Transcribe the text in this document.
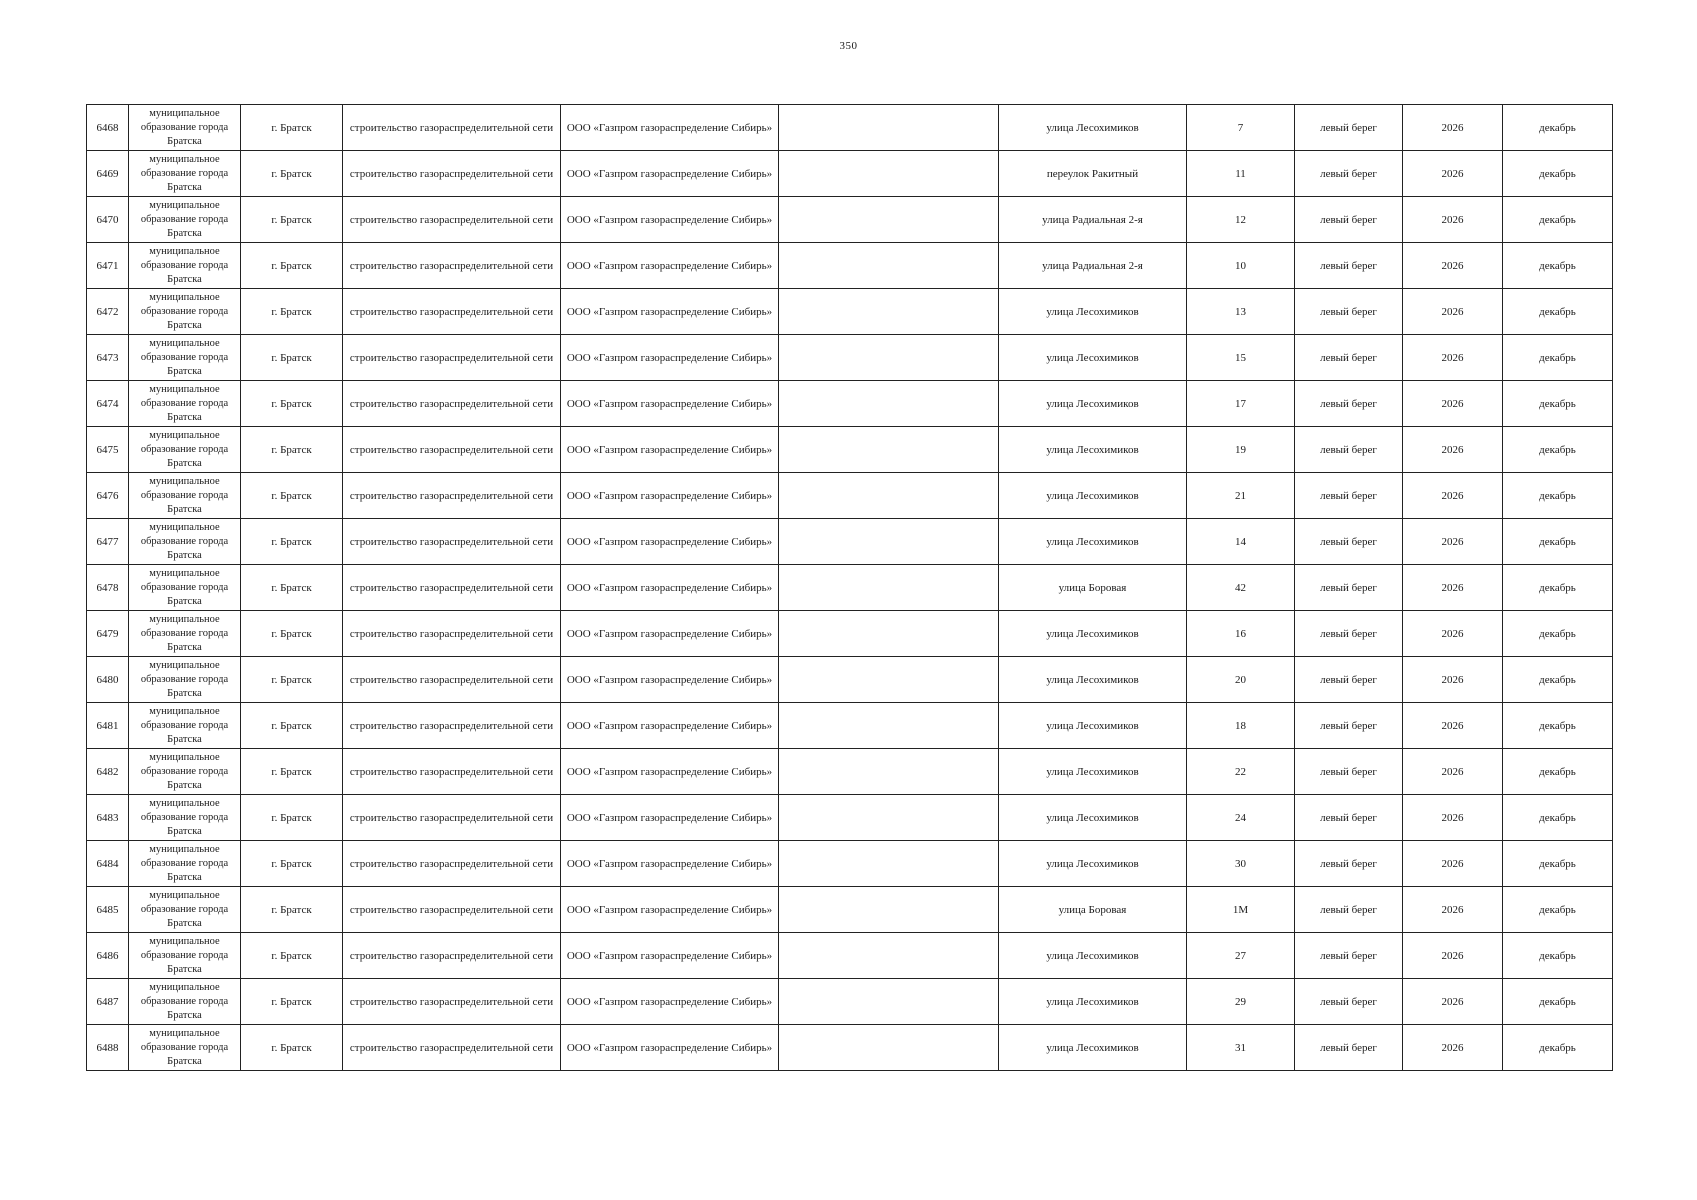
350
6468	муниципальное образование города Братска	г. Братск	строительство газораспределительной сети	ООО «Газпром газораспределение Сибирь»		улица Лесохимиков	7	левый берег	2026	декабрь
6469	муниципальное образование города Братска	г. Братск	строительство газораспределительной сети	ООО «Газпром газораспределение Сибирь»		переулок Ракитный	11	левый берег	2026	декабрь
6470	муниципальное образование города Братска	г. Братск	строительство газораспределительной сети	ООО «Газпром газораспределение Сибирь»		улица Радиальная 2-я	12	левый берег	2026	декабрь
6471	муниципальное образование города Братска	г. Братск	строительство газораспределительной сети	ООО «Газпром газораспределение Сибирь»		улица Радиальная 2-я	10	левый берег	2026	декабрь
6472	муниципальное образование города Братска	г. Братск	строительство газораспределительной сети	ООО «Газпром газораспределение Сибирь»		улица Лесохимиков	13	левый берег	2026	декабрь
6473	муниципальное образование города Братска	г. Братск	строительство газораспределительной сети	ООО «Газпром газораспределение Сибирь»		улица Лесохимиков	15	левый берег	2026	декабрь
6474	муниципальное образование города Братска	г. Братск	строительство газораспределительной сети	ООО «Газпром газораспределение Сибирь»		улица Лесохимиков	17	левый берег	2026	декабрь
6475	муниципальное образование города Братска	г. Братск	строительство газораспределительной сети	ООО «Газпром газораспределение Сибирь»		улица Лесохимиков	19	левый берег	2026	декабрь
6476	муниципальное образование города Братска	г. Братск	строительство газораспределительной сети	ООО «Газпром газораспределение Сибирь»		улица Лесохимиков	21	левый берег	2026	декабрь
6477	муниципальное образование города Братска	г. Братск	строительство газораспределительной сети	ООО «Газпром газораспределение Сибирь»		улица Лесохимиков	14	левый берег	2026	декабрь
6478	муниципальное образование города Братска	г. Братск	строительство газораспределительной сети	ООО «Газпром газораспределение Сибирь»		улица Боровая	42	левый берег	2026	декабрь
6479	муниципальное образование города Братска	г. Братск	строительство газораспределительной сети	ООО «Газпром газораспределение Сибирь»		улица Лесохимиков	16	левый берег	2026	декабрь
6480	муниципальное образование города Братска	г. Братск	строительство газораспределительной сети	ООО «Газпром газораспределение Сибирь»		улица Лесохимиков	20	левый берег	2026	декабрь
6481	муниципальное образование города Братска	г. Братск	строительство газораспределительной сети	ООО «Газпром газораспределение Сибирь»		улица Лесохимиков	18	левый берег	2026	декабрь
6482	муниципальное образование города Братска	г. Братск	строительство газораспределительной сети	ООО «Газпром газораспределение Сибирь»		улица Лесохимиков	22	левый берег	2026	декабрь
6483	муниципальное образование города Братска	г. Братск	строительство газораспределительной сети	ООО «Газпром газораспределение Сибирь»		улица Лесохимиков	24	левый берег	2026	декабрь
6484	муниципальное образование города Братска	г. Братск	строительство газораспределительной сети	ООО «Газпром газораспределение Сибирь»		улица Лесохимиков	30	левый берег	2026	декабрь
6485	муниципальное образование города Братска	г. Братск	строительство газораспределительной сети	ООО «Газпром газораспределение Сибирь»		улица Боровая	1М	левый берег	2026	декабрь
6486	муниципальное образование города Братска	г. Братск	строительство газораспределительной сети	ООО «Газпром газораспределение Сибирь»		улица Лесохимиков	27	левый берег	2026	декабрь
6487	муниципальное образование города Братска	г. Братск	строительство газораспределительной сети	ООО «Газпром газораспределение Сибирь»		улица Лесохимиков	29	левый берег	2026	декабрь
6488	муниципальное образование города Братска	г. Братск	строительство газораспределительной сети	ООО «Газпром газораспределение Сибирь»		улица Лесохимиков	31	левый берег	2026	декабрь
